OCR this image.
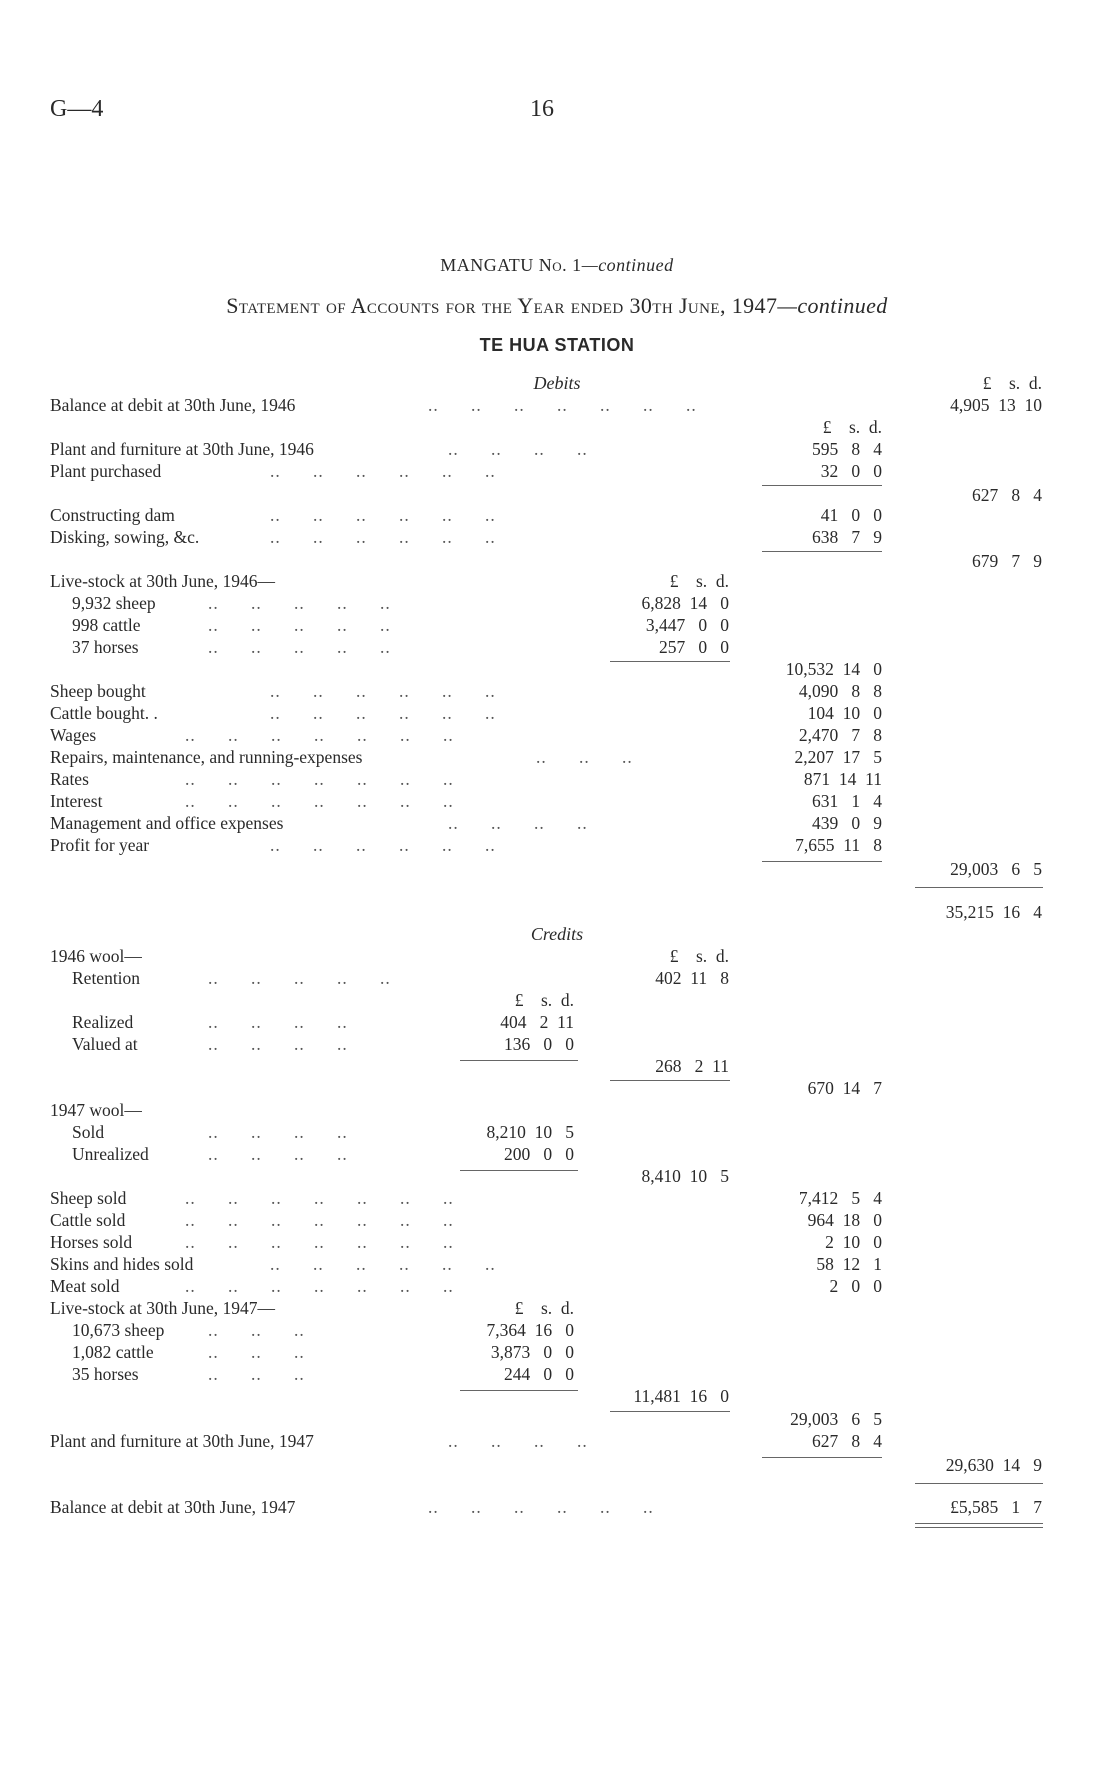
G—4	16
MANGATU No. 1—continued
Statement of Accounts for the Year ended 30th June, 1947—continued
TE HUA STATION
Debits	£    s.  d.
Balance at debit at 30th June, 1946	..      ..      ..      ..      ..      ..      ..	4,905  13  10
£    s.  d.
Plant and furniture at 30th June, 1946	..      ..      ..      ..	595   8   4
Plant purchased	..      ..      ..      ..      ..      ..	32   0   0
627   8   4
Constructing dam	..      ..      ..      ..      ..      ..	41   0   0
Disking, sowing, &c.	..      ..      ..      ..      ..      ..	638   7   9
679   7   9
Live-stock at 30th June, 1946—	£    s.  d.
9,932 sheep	..      ..      ..      ..      ..	6,828  14   0
998 cattle	..      ..      ..      ..      ..	3,447   0   0
37 horses	..      ..      ..      ..      ..	257   0   0
10,532  14   0
Sheep bought	..      ..      ..      ..      ..      ..	4,090   8   8
Cattle bought. .	..      ..      ..      ..      ..      ..	104  10   0
Wages	..      ..      ..      ..      ..      ..      ..	2,470   7   8
Repairs, maintenance, and running-expenses	..      ..      ..	2,207  17   5
Rates	..      ..      ..      ..      ..      ..      ..	871  14  11
Interest	..      ..      ..      ..      ..      ..      ..	631   1   4
Management and office expenses	..      ..      ..      ..	439   0   9
Profit for year	..      ..      ..      ..      ..      ..	7,655  11   8
29,003   6   5
35,215  16   4
Credits
1946 wool—	£    s.  d.
Retention	..      ..      ..      ..      ..	402  11   8
£    s.  d.
Realized	..      ..      ..      ..	404   2  11
Valued at	..      ..      ..      ..	136   0   0
268   2  11
670  14   7
1947 wool—
Sold	..      ..      ..      ..	8,210  10   5
Unrealized	..      ..      ..      ..	200   0   0
8,410  10   5
Sheep sold	..      ..      ..      ..      ..      ..      ..	7,412   5   4
Cattle sold	..      ..      ..      ..      ..      ..      ..	964  18   0
Horses sold	..      ..      ..      ..      ..      ..      ..	2  10   0
Skins and hides sold	..      ..      ..      ..      ..      ..	58  12   1
Meat sold	..      ..      ..      ..      ..      ..      ..	2   0   0
Live-stock at 30th June, 1947—	£    s.  d.
10,673 sheep ..      ..      ..	7,364  16   0
1,082 cattle	..      ..      ..	3,873   0   0
35 horses	..      ..      ..	244   0   0
11,481  16   0
29,003   6   5
Plant and furniture at 30th June, 1947	..      ..      ..      ..	627   8   4
29,630  14   9
Balance at debit at 30th June, 1947	..      ..      ..      ..      ..      ..	£5,585   1   7
